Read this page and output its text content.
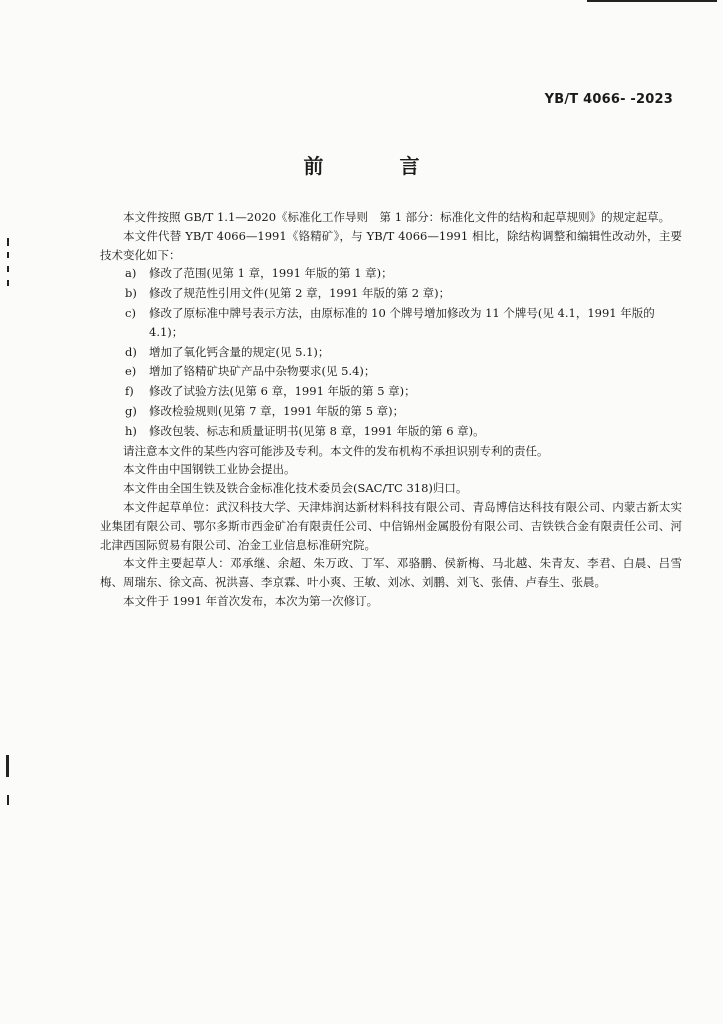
YB/T 4066- -2023
前　言

本文件按照 GB/T 1.1—2020《标准化工作导则　第 1 部分：标准化文件的结构和起草规则》的规定起草。

本文件代替 YB/T 4066—1991《铬精矿》，与 YB/T 4066—1991 相比，除结构调整和编辑性改动外，主要技术变化如下：

a) 修改了范围(见第 1 章，1991 年版的第 1 章)；
b) 修改了规范性引用文件(见第 2 章，1991 年版的第 2 章)；
c) 修改了原标准中牌号表示方法，由原标准的 10 个牌号增加修改为 11 个牌号(见 4.1，1991 年版的 4.1)；
d) 增加了氧化钙含量的规定(见 5.1)；
e) 增加了铬精矿块矿产品中杂物要求(见 5.4)；
f) 修改了试验方法(见第 6 章，1991 年版的第 5 章)；
g) 修改检验规则(见第 7 章，1991 年版的第 5 章)；
h) 修改包装、标志和质量证明书(见第 8 章，1991 年版的第 6 章)。

请注意本文件的某些内容可能涉及专利。本文件的发布机构不承担识别专利的责任。

本文件由中国钢铁工业协会提出。

本文件由全国生铁及铁合金标准化技术委员会(SAC/TC 318)归口。

本文件起草单位：武汉科技大学、天津炜润达新材料科技有限公司、青岛博信达科技有限公司、内蒙古新太实业集团有限公司、鄂尔多斯市西金矿冶有限责任公司、中信锦州金属股份有限公司、吉铁铁合金有限责任公司、河北津西国际贸易有限公司、冶金工业信息标准研究院。

本文件主要起草人：邓承继、余超、朱万政、丁军、邓骆鹏、侯新梅、马北越、朱青友、李君、白晨、吕雪梅、周瑞东、徐文高、祝洪喜、李京霖、叶小爽、王敏、刘冰、刘鹏、刘飞、张倩、卢春生、张晨。

本文件于 1991 年首次发布，本次为第一次修订。
